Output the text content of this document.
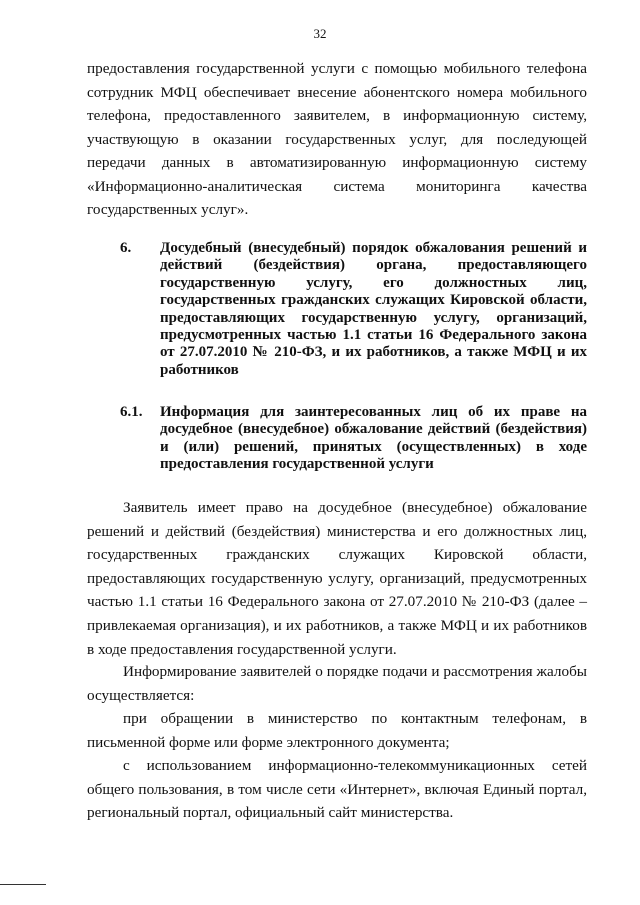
32
предоставления государственной услуги с помощью мобильного телефона
сотрудник МФЦ обеспечивает внесение абонентского номера мобильного
телефона, предоставленного заявителем, в информационную систему,
участвующую в оказании государственных услуг, для последующей
передачи данных в автоматизированную информационную систему
«Информационно-аналитическая система мониторинга качества
государственных услуг».
6. Досудебный (внесудебный) порядок обжалования решений и действий (бездействия) органа, предоставляющего государственную услугу, его должностных лиц, государственных гражданских служащих Кировской области, предоставляющих государственную услугу, организаций, предусмотренных частью 1.1 статьи 16 Федерального закона от 27.07.2010 № 210-ФЗ, и их работников, а также МФЦ и их работников
6.1. Информация для заинтересованных лиц об их праве на досудебное (внесудебное) обжалование действий (бездействия) и (или) решений, принятых (осуществленных) в ходе предоставления государственной услуги
Заявитель имеет право на досудебное (внесудебное) обжалование решений и действий (бездействия) министерства и его должностных лиц, государственных гражданских служащих Кировской области, предоставляющих государственную услугу, организаций, предусмотренных частью 1.1 статьи 16 Федерального закона от 27.07.2010 № 210-ФЗ (далее – привлекаемая организация), и их работников, а также МФЦ и их работников в ходе предоставления государственной услуги.
Информирование заявителей о порядке подачи и рассмотрения жалобы осуществляется:
при обращении в министерство по контактным телефонам, в письменной форме или форме электронного документа;
с использованием информационно-телекоммуникационных сетей общего пользования, в том числе сети «Интернет», включая Единый портал, региональный портал, официальный сайт министерства.
